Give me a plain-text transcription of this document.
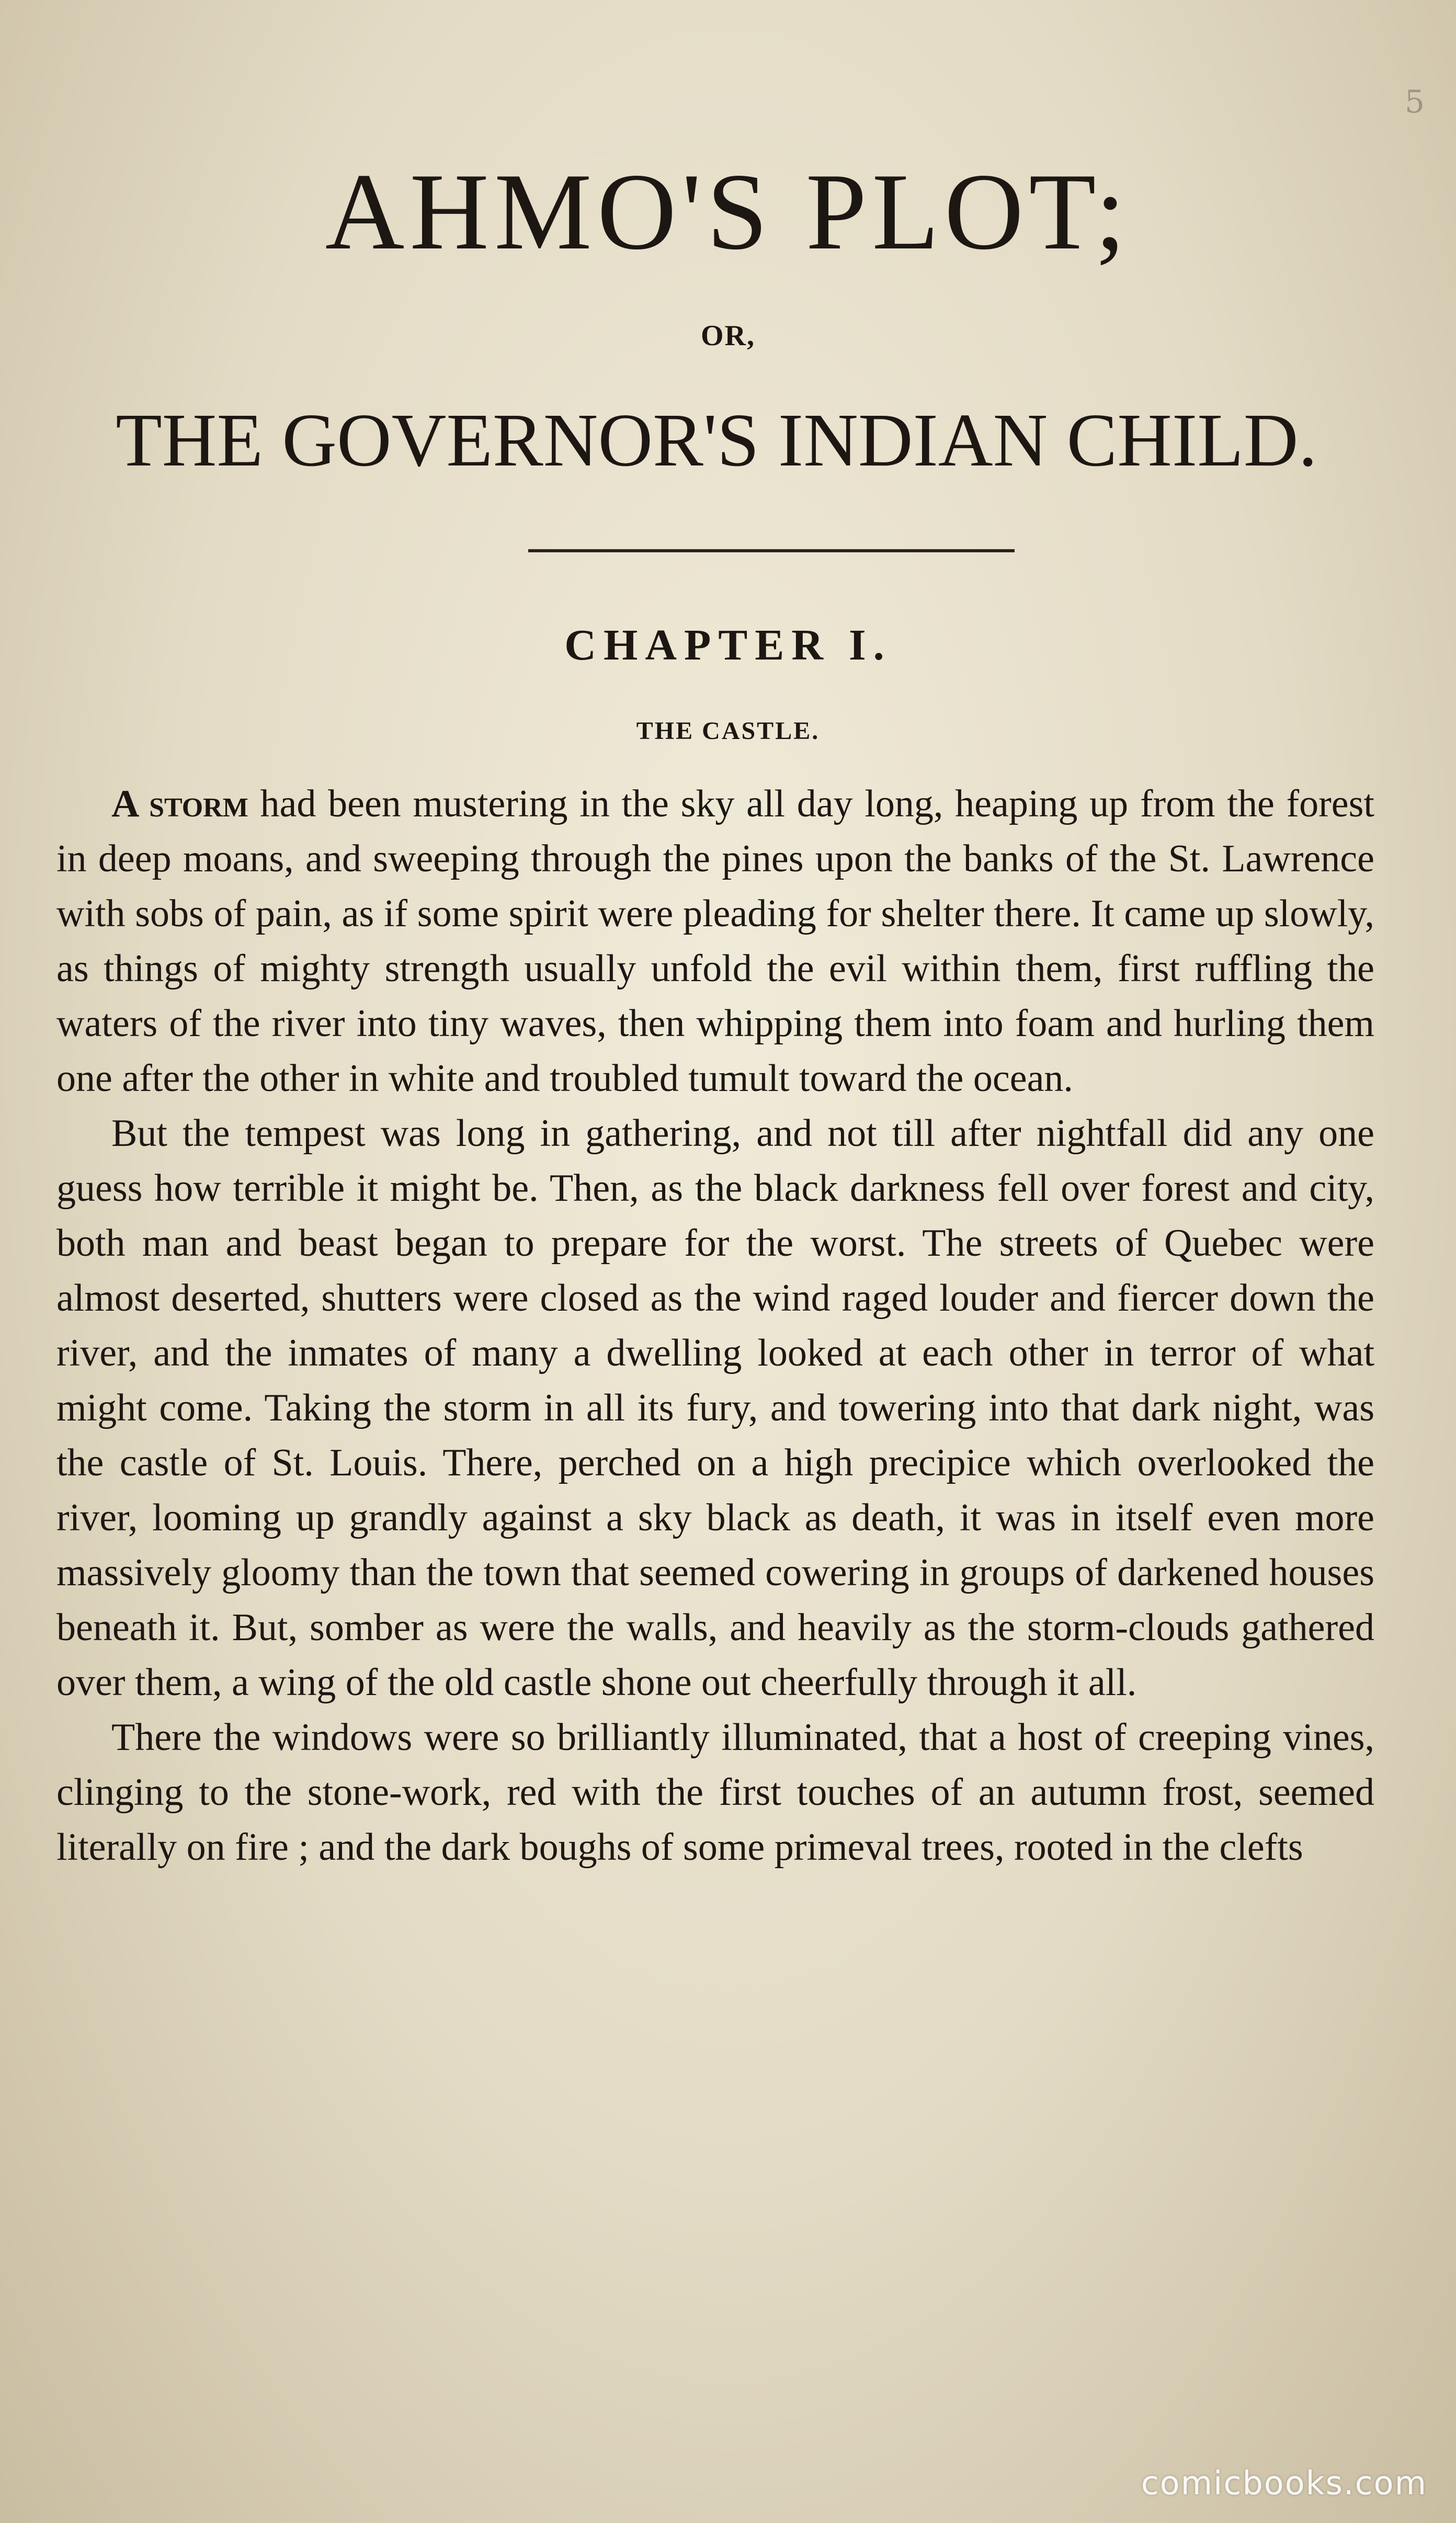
5
AHMO'S PLOT;
OR,
THE GOVERNOR'S INDIAN CHILD.
CHAPTER I.
THE CASTLE.

A storm had been mustering in the sky all day long, heaping up from the forest in deep moans, and sweeping through the pines upon the banks of the St. Lawrence with sobs of pain, as if some spirit were pleading for shelter there. It came up slowly, as things of mighty strength usually unfold the evil within them, first ruffling the waters of the river into tiny waves, then whipping them into foam and hurling them one after the other in white and troubled tumult toward the ocean.

But the tempest was long in gathering, and not till after nightfall did any one guess how terrible it might be. Then, as the black darkness fell over forest and city, both man and beast began to prepare for the worst. The streets of Quebec were almost deserted, shutters were closed as the wind raged louder and fiercer down the river, and the inmates of many a dwelling looked at each other in terror of what might come. Taking the storm in all its fury, and towering into that dark night, was the castle of St. Louis. There, perched on a high precipice which overlooked the river, looming up grandly against a sky black as death, it was in itself even more massively gloomy than the town that seemed cowering in groups of darkened houses beneath it. But, somber as were the walls, and heavily as the storm-clouds gathered over them, a wing of the old castle shone out cheerfully through it all.

There the windows were so brilliantly illuminated, that a host of creeping vines, clinging to the stone-work, red with the first touches of an autumn frost, seemed literally on fire ; and the dark boughs of some primeval trees, rooted in the clefts

comicbooks.com
